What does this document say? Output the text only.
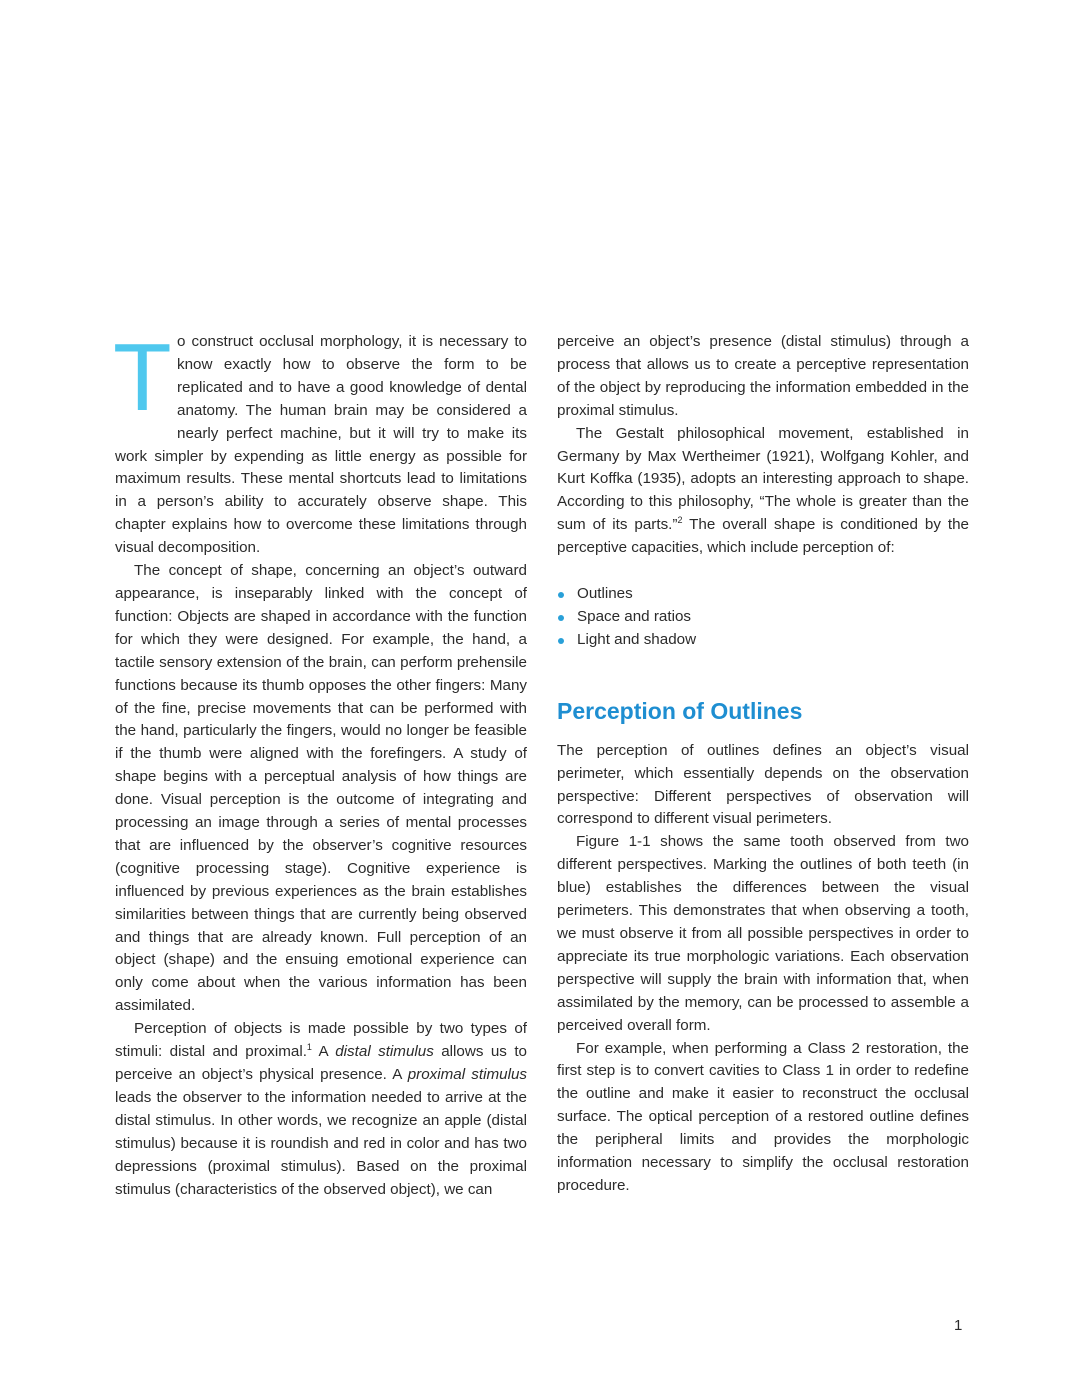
To construct occlusal morphology, it is necessary to know exactly how to observe the form to be replicated and to have a good knowledge of dental anatomy. The human brain may be considered a nearly perfect machine, but it will try to make its work simpler by expending as little energy as possible for maximum results. These mental shortcuts lead to limitations in a person’s ability to accurately observe shape. This chapter explains how to overcome these limitations through visual decomposition.

The concept of shape, concerning an object’s outward appearance, is inseparably linked with the concept of function: Objects are shaped in accordance with the function for which they were designed. For example, the hand, a tactile sensory extension of the brain, can perform prehensile functions because its thumb opposes the other fingers: Many of the fine, precise movements that can be performed with the hand, particularly the fingers, would no longer be feasible if the thumb were aligned with the forefingers. A study of shape begins with a perceptual analysis of how things are done. Visual perception is the outcome of integrating and processing an image through a series of mental processes that are influenced by the observer’s cognitive resources (cognitive processing stage). Cognitive experience is influenced by previous experiences as the brain establishes similarities between things that are currently being observed and things that are already known. Full perception of an object (shape) and the ensuing emotional experience can only come about when the various information has been assimilated.

Perception of objects is made possible by two types of stimuli: distal and proximal.$^1$ A distal stimulus allows us to perceive an object’s physical presence. A proximal stimulus leads the observer to the information needed to arrive at the distal stimulus. In other words, we recognize an apple (distal stimulus) because it is roundish and red in color and has two depressions (proximal stimulus). Based on the proximal stimulus (characteristics of the observed object), we can

perceive an object’s presence (distal stimulus) through a process that allows us to create a perceptive representation of the object by reproducing the information embedded in the proximal stimulus.

The Gestalt philosophical movement, established in Germany by Max Wertheimer (1921), Wolfgang Kohler, and Kurt Koffka (1935), adopts an interesting approach to shape. According to this philosophy, “The whole is greater than the sum of its parts.”$^2$ The overall shape is conditioned by the perceptive capacities, which include perception of:

Outlines
Space and ratios
Light and shadow
Perception of Outlines

The perception of outlines defines an object’s visual perimeter, which essentially depends on the observation perspective: Different perspectives of observation will correspond to different visual perimeters.

Figure 1-1 shows the same tooth observed from two different perspectives. Marking the outlines of both teeth (in blue) establishes the differences between the visual perimeters. This demonstrates that when observing a tooth, we must observe it from all possible perspectives in order to appreciate its true morphologic variations. Each observation perspective will supply the brain with information that, when assimilated by the memory, can be processed to assemble a perceived overall form.

For example, when performing a Class 2 restoration, the first step is to convert cavities to Class 1 in order to redefine the outline and make it easier to reconstruct the occlusal surface. The optical perception of a restored outline defines the peripheral limits and provides the morphologic information necessary to simplify the occlusal restoration procedure.

1
